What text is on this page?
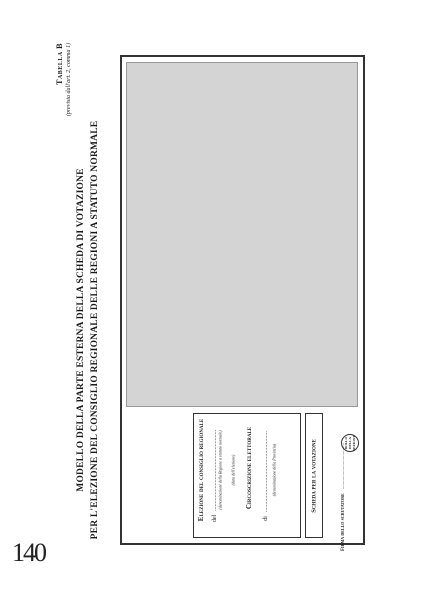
140
Tabella B (prevista dall'art. 2, comma 1)
MODELLO DELLA PARTE ESTERNA DELLA SCHEDA DI VOTAZIONE PER L'ELEZIONE DEL CONSIGLIO REGIONALE DELLE REGIONI A STATUTO NORMALE	Elezione del consiglio regionale	del ...................................................... (denominazione della Regione a statuto normale) (data dell'elezione) Circoscrizione elettorale
di ...................................................... (denominazione della Provincia)	Scheda per la votazione	BOLLO DELLA SEZIONE
Firma dello scrutatore .....................................
